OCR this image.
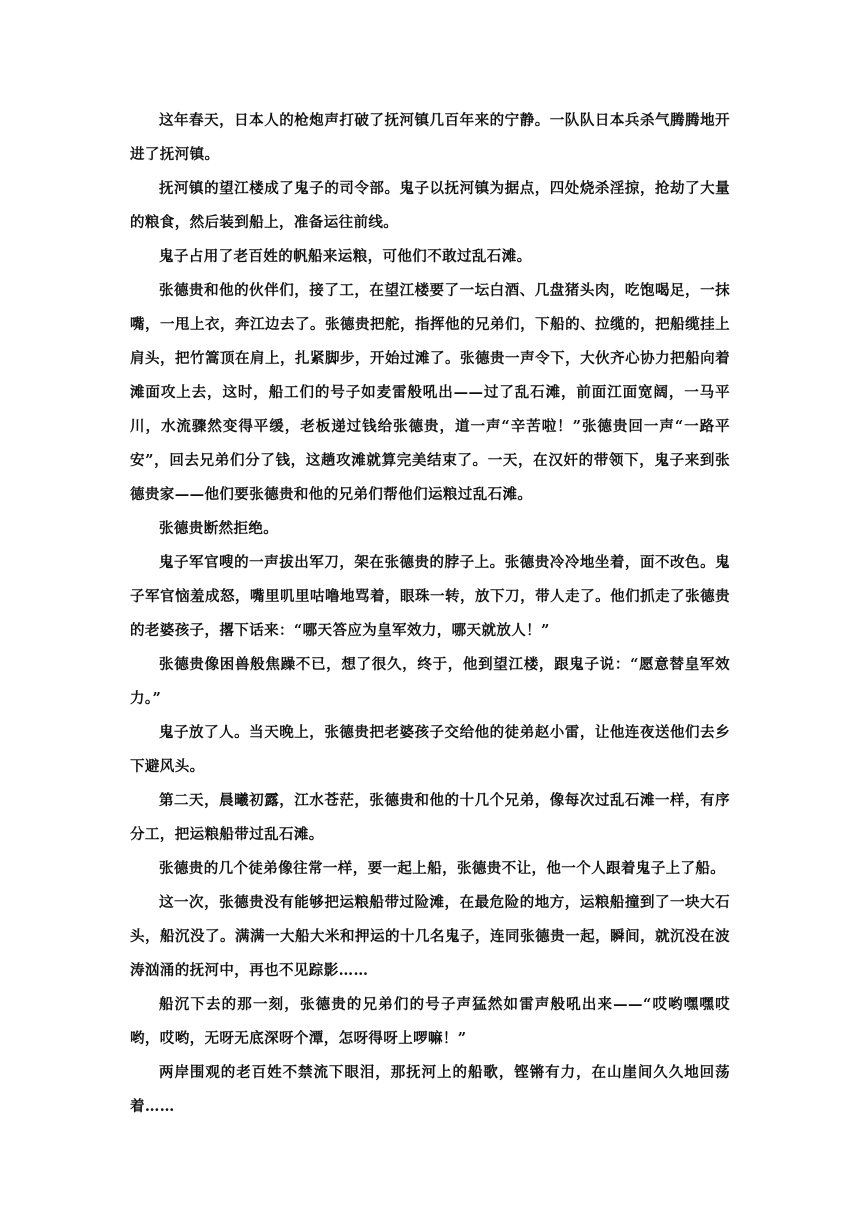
这年春天，日本人的枪炮声打破了抚河镇几百年来的宁静。一队队日本兵杀气腾腾地开进了抚河镇。

抚河镇的望江楼成了鬼子的司令部。鬼子以抚河镇为据点，四处烧杀淫掠，抢劫了大量的粮食，然后装到船上，准备运往前线。

鬼子占用了老百姓的帆船来运粮，可他们不敢过乱石滩。

张德贵和他的伙伴们，接了工，在望江楼要了一坛白酒、几盘猪头肉，吃饱喝足，一抹嘴，一甩上衣，奔江边去了。张德贵把舵，指挥他的兄弟们，下船的、拉缆的，把船缆挂上肩头，把竹篙顶在肩上，扎紧脚步，开始过滩了。张德贵一声令下，大伙齐心协力把船向着滩面攻上去，这时，船工们的号子如麦雷般吼出——过了乱石滩，前面江面宽阔，一马平川，水流骤然变得平缓，老板递过钱给张德贵，道一声“辛苦啦！”张德贵回一声“一路平安”，回去兄弟们分了钱，这趟攻滩就算完美结束了。一天，在汉奸的带领下，鬼子来到张德贵家——他们要张德贵和他的兄弟们帮他们运粮过乱石滩。

张德贵断然拒绝。

鬼子军官嗖的一声拔出军刀，架在张德贵的脖子上。张德贵冷冷地坐着，面不改色。鬼子军官恼羞成怒，嘴里叽里咕噜地骂着，眼珠一转，放下刀，带人走了。他们抓走了张德贵的老婆孩子，撂下话来：“哪天答应为皇军效力，哪天就放人！”

张德贵像困兽般焦躁不已，想了很久，终于，他到望江楼，跟鬼子说：“愿意替皇军效力。”

鬼子放了人。当天晚上，张德贵把老婆孩子交给他的徒弟赵小雷，让他连夜送他们去乡下避风头。

第二天，晨曦初露，江水苍茫，张德贵和他的十几个兄弟，像每次过乱石滩一样，有序分工，把运粮船带过乱石滩。

张德贵的几个徒弟像往常一样，要一起上船，张德贵不让，他一个人跟着鬼子上了船。

这一次，张德贵没有能够把运粮船带过险滩，在最危险的地方，运粮船撞到了一块大石头，船沉没了。满满一大船大米和押运的十几名鬼子，连同张德贵一起，瞬间，就沉没在波涛汹涌的抚河中，再也不见踪影……

船沉下去的那一刻，张德贵的兄弟们的号子声猛然如雷声般吼出来——“哎哟嘿嘿哎哟，哎哟，无呀无底深呀个潭，怎呀得呀上啰嘛！”

两岸围观的老百姓不禁流下眼泪，那抚河上的船歌，铿锵有力，在山崖间久久地回荡着……
